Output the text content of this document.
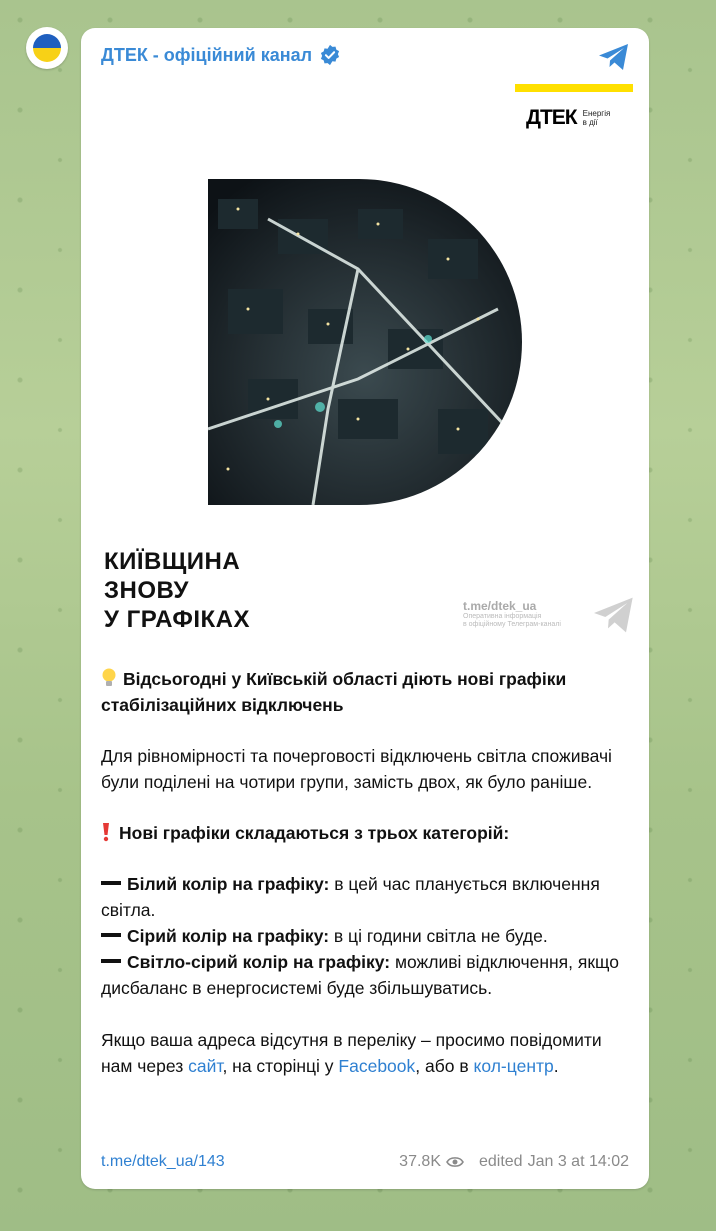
ДТЕК - офіційний канал
ДТЕК Енергія
в дії
КИЇВЩИНА
ЗНОВУ
У ГРАФІКАХ	t.me/dtek_ua
Оперативна інформація
в офіційному Телеграм-каналі

Відсьогодні у Київській області діють нові графіки стабілізаційних відключень

Для рівномірності та почерговості відключень світла споживачі були поділені на чотири групи, замість двох, як було раніше.

Нові графіки складаються з трьох категорій:

Білий колір на графіку: в цей час планується включення світла.
Сірий колір на графіку: в ці години світла не буде.
Світло-сірий колір на графіку: можливі відключення, якщо дисбаланс в енергосистемі буде збільшуватись.

Якщо ваша адреса відсутня в переліку – просимо повідомити нам через сайт, на сторінці у Facebook, або в кол-центр.

t.me/dtek_ua/143	37.8K edited Jan 3 at 14:02
